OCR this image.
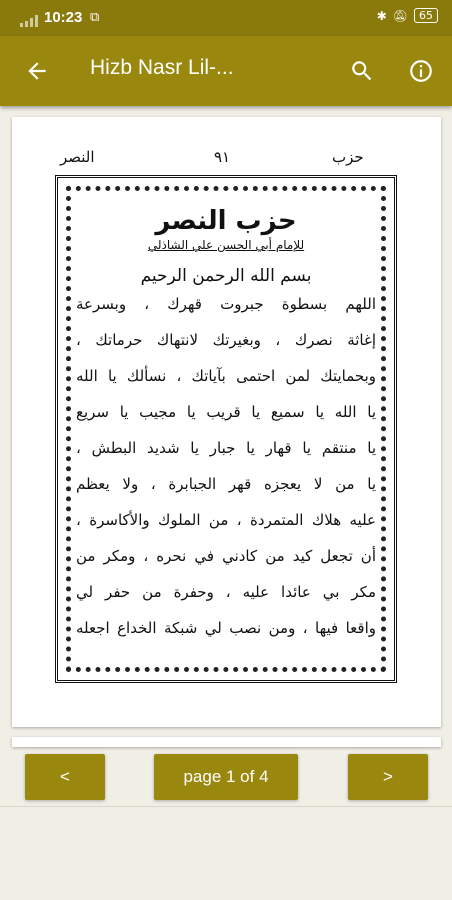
10:23 ⧉	✱ 🔕︎	65
Hizb Nasr Lil-...
حزب
٩١
النصر
حزب النصر
للإمام أبي الحسن علي الشاذلي
بسم الله الرحمن الرحيم
اللهم بسطوة جبروت قهرك ، وبسرعة
إغاثة نصرك ، وبغيرتك لانتهاك حرماتك ،
وبحمايتك لمن احتمى بآياتك ، نسألك يا الله
يا الله يا سميع يا قريب يا مجيب يا سريع
يا منتقم يا قهار يا جبار يا شديد البطش ،
يا من لا يعجزه قهر الجبابرة ، ولا يعظم
عليه هلاك المتمردة ، من الملوك والأكاسرة ،
أن تجعل كيد من كادني في نحره ، ومكر من
مكر بي عائدا عليه ، وحفرة من حفر لي
واقعا فيها ، ومن نصب لي شبكة الخداع اجعله
<	page 1 of 4	>
